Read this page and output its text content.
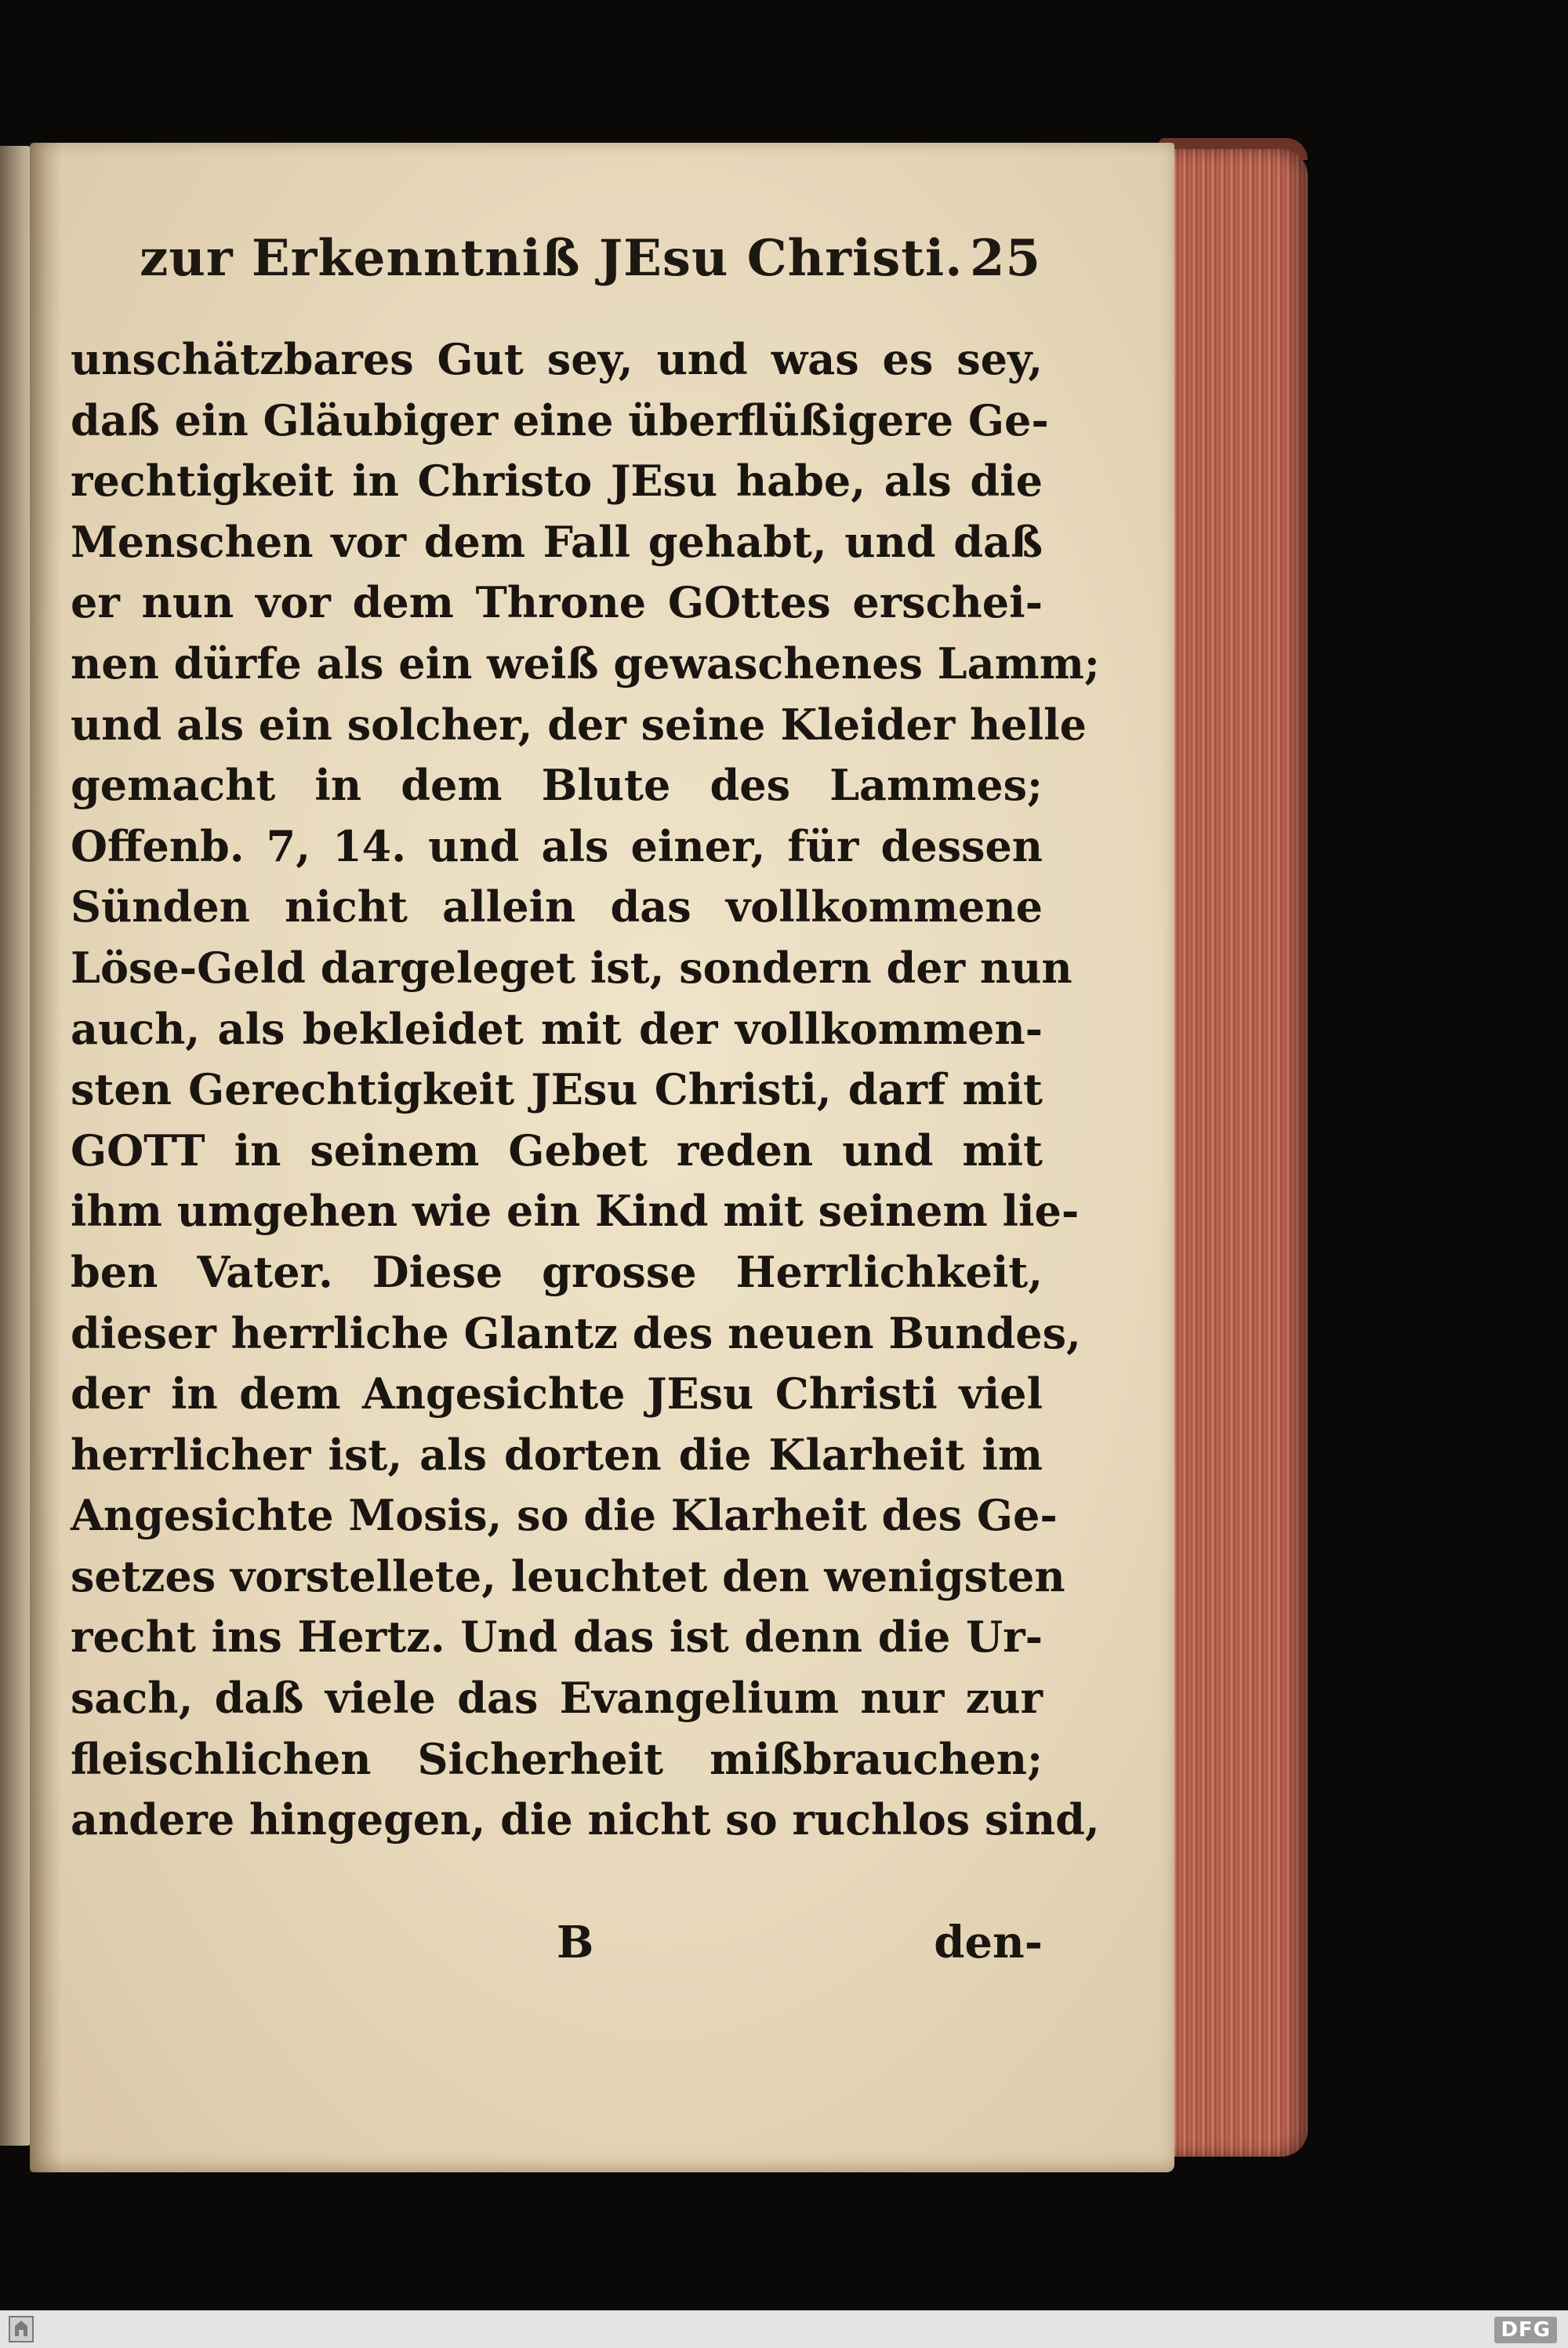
zur Erkenntniß JEsu Christi. 25
unschätzbares Gut sey, und was es sey,
daß ein Gläubiger eine überflüßigere Ge-
rechtigkeit in Christo JEsu habe, als die
Menschen vor dem Fall gehabt, und daß
er nun vor dem Throne GOttes erschei-
nen dürfe als ein weiß gewaschenes Lamm;
und als ein solcher, der seine Kleider helle
gemacht in dem Blute des Lammes;
Offenb. 7, 14. und als einer, für dessen
Sünden nicht allein das vollkommene
Löse-Geld dargeleget ist, sondern der nun
auch, als bekleidet mit der vollkommen-
sten Gerechtigkeit JEsu Christi, darf mit
GOTT in seinem Gebet reden und mit
ihm umgehen wie ein Kind mit seinem lie-
ben Vater. Diese grosse Herrlichkeit,
dieser herrliche Glantz des neuen Bundes,
der in dem Angesichte JEsu Christi viel
herrlicher ist, als dorten die Klarheit im
Angesichte Mosis, so die Klarheit des Ge-
setzes vorstellete, leuchtet den wenigsten
recht ins Hertz. Und das ist denn die Ur-
sach, daß viele das Evangelium nur zur
fleischlichen Sicherheit mißbrauchen;
andere hingegen, die nicht so ruchlos sind,
B	den-
DFG
